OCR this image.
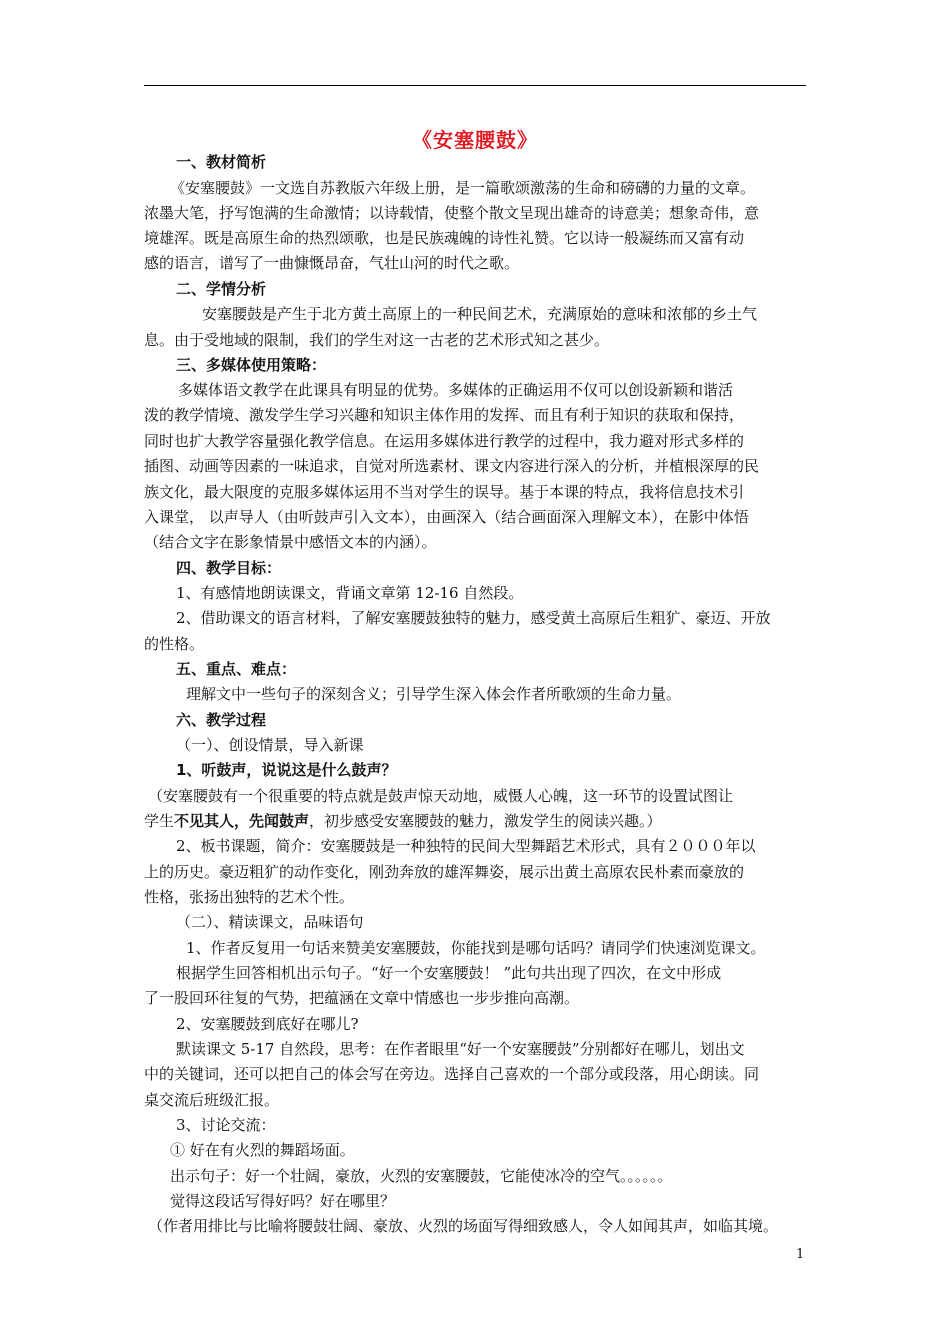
《安塞腰鼓》
一、教材简析
《安塞腰鼓》一文选自苏教版六年级上册，是一篇歌颂激荡的生命和磅礴的力量的文章。
浓墨大笔，抒写饱满的生命激情；以诗载情，使整个散文呈现出雄奇的诗意美；想象奇伟，意
境雄浑。既是高原生命的热烈颂歌，也是民族魂魄的诗性礼赞。它以诗一般凝练而又富有动
感的语言，谱写了一曲慷慨昂奋，气壮山河的时代之歌。
二、学情分析
安塞腰鼓是产生于北方黄土高原上的一种民间艺术，充满原始的意味和浓郁的乡土气
息。由于受地域的限制，我们的学生对这一古老的艺术形式知之甚少。
三、多媒体使用策略：
多媒体语文教学在此课具有明显的优势。多媒体的正确运用不仅可以创设新颖和谐活
泼的教学情境、激发学生学习兴趣和知识主体作用的发挥、而且有利于知识的获取和保持，
同时也扩大教学容量强化教学信息。在运用多媒体进行教学的过程中，我力避对形式多样的
插图、动画等因素的一味追求，自觉对所选素材、课文内容进行深入的分析，并植根深厚的民
族文化，最大限度的克服多媒体运用不当对学生的误导。基于本课的特点，我将信息技术引
入课堂， 以声导人（由听鼓声引入文本），由画深入（结合画面深入理解文本），在影中体悟
（结合文字在影象情景中感悟文本的内涵）。
四、教学目标：
1、有感情地朗读课文，背诵文章第 12-16 自然段。
2、借助课文的语言材料，了解安塞腰鼓独特的魅力，感受黄土高原后生粗犷、豪迈、开放
的性格。
五、重点、难点：
理解文中一些句子的深刻含义；引导学生深入体会作者所歌颂的生命力量。
六、教学过程
（一）、创设情景，导入新课
1、听鼓声，说说这是什么鼓声？
（安塞腰鼓有一个很重要的特点就是鼓声惊天动地，威慑人心魄，这一环节的设置试图让
学生不见其人，先闻鼓声，初步感受安塞腰鼓的魅力，激发学生的阅读兴趣。）
2、板书课题，简介：安塞腰鼓是一种独特的民间大型舞蹈艺术形式，具有２０００年以
上的历史。豪迈粗犷的动作变化，刚劲奔放的雄浑舞姿，展示出黄土高原农民朴素而豪放的
性格，张扬出独特的艺术个性。
（二）、精读课文，品味语句
1、作者反复用一句话来赞美安塞腰鼓，你能找到是哪句话吗？请同学们快速浏览课文。
根据学生回答相机出示句子。“好一个安塞腰鼓！ ”此句共出现了四次，在文中形成
了一股回环往复的气势，把蕴涵在文章中情感也一步步推向高潮。
2、安塞腰鼓到底好在哪儿?
默读课文 5-17 自然段，思考：在作者眼里“好一个安塞腰鼓”分别都好在哪儿，划出文
中的关键词，还可以把自己的体会写在旁边。选择自己喜欢的一个部分或段落，用心朗读。同
桌交流后班级汇报。
3、讨论交流：
① 好在有火烈的舞蹈场面。
出示句子：好一个壮阔，豪放，火烈的安塞腰鼓，它能使冰冷的空气。。。。。。
觉得这段话写得好吗？好在哪里？
（作者用排比与比喻将腰鼓壮阔、豪放、火烈的场面写得细致感人，令人如闻其声，如临其境。
1
